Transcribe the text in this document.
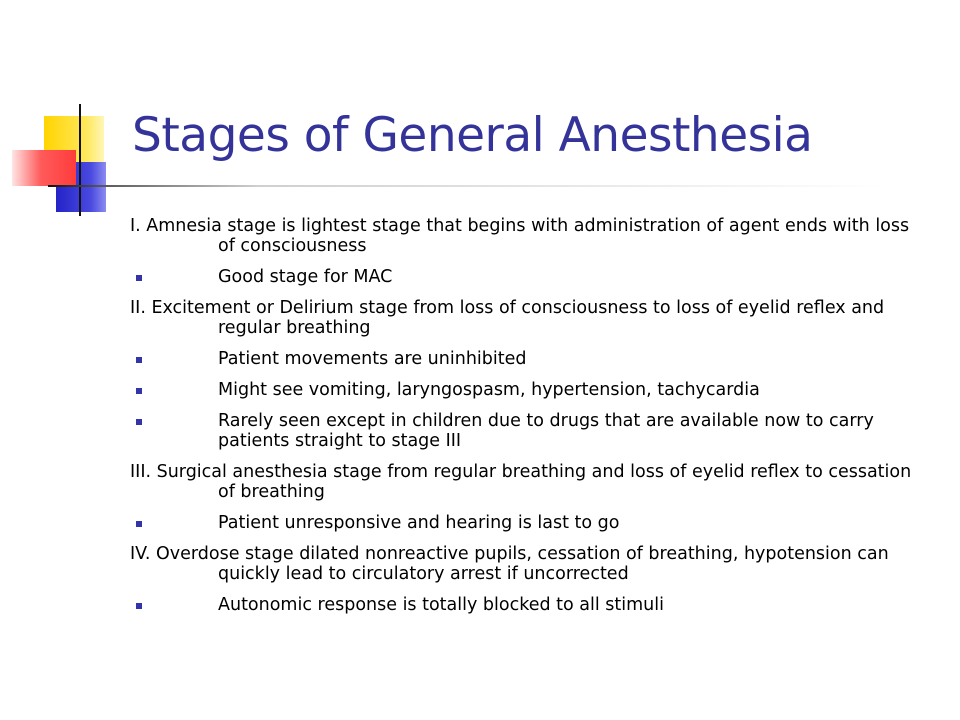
Stages of General Anesthesia

I. Amnesia stage is lightest stage that begins with administration of agent ends with loss of consciousness

Good stage for MAC

II. Excitement or Delirium stage from loss of consciousness to loss of eyelid reflex and regular breathing

Patient movements are uninhibited
Might see vomiting, laryngospasm, hypertension, tachycardia
Rarely seen except in children due to drugs that are available now to carry patients straight to stage III

III. Surgical anesthesia stage from regular breathing and loss of eyelid reflex to cessation of breathing

Patient unresponsive and hearing is last to go

IV. Overdose stage dilated nonreactive pupils, cessation of breathing, hypotension can quickly lead to circulatory arrest if uncorrected

Autonomic response is totally blocked to all stimuli
